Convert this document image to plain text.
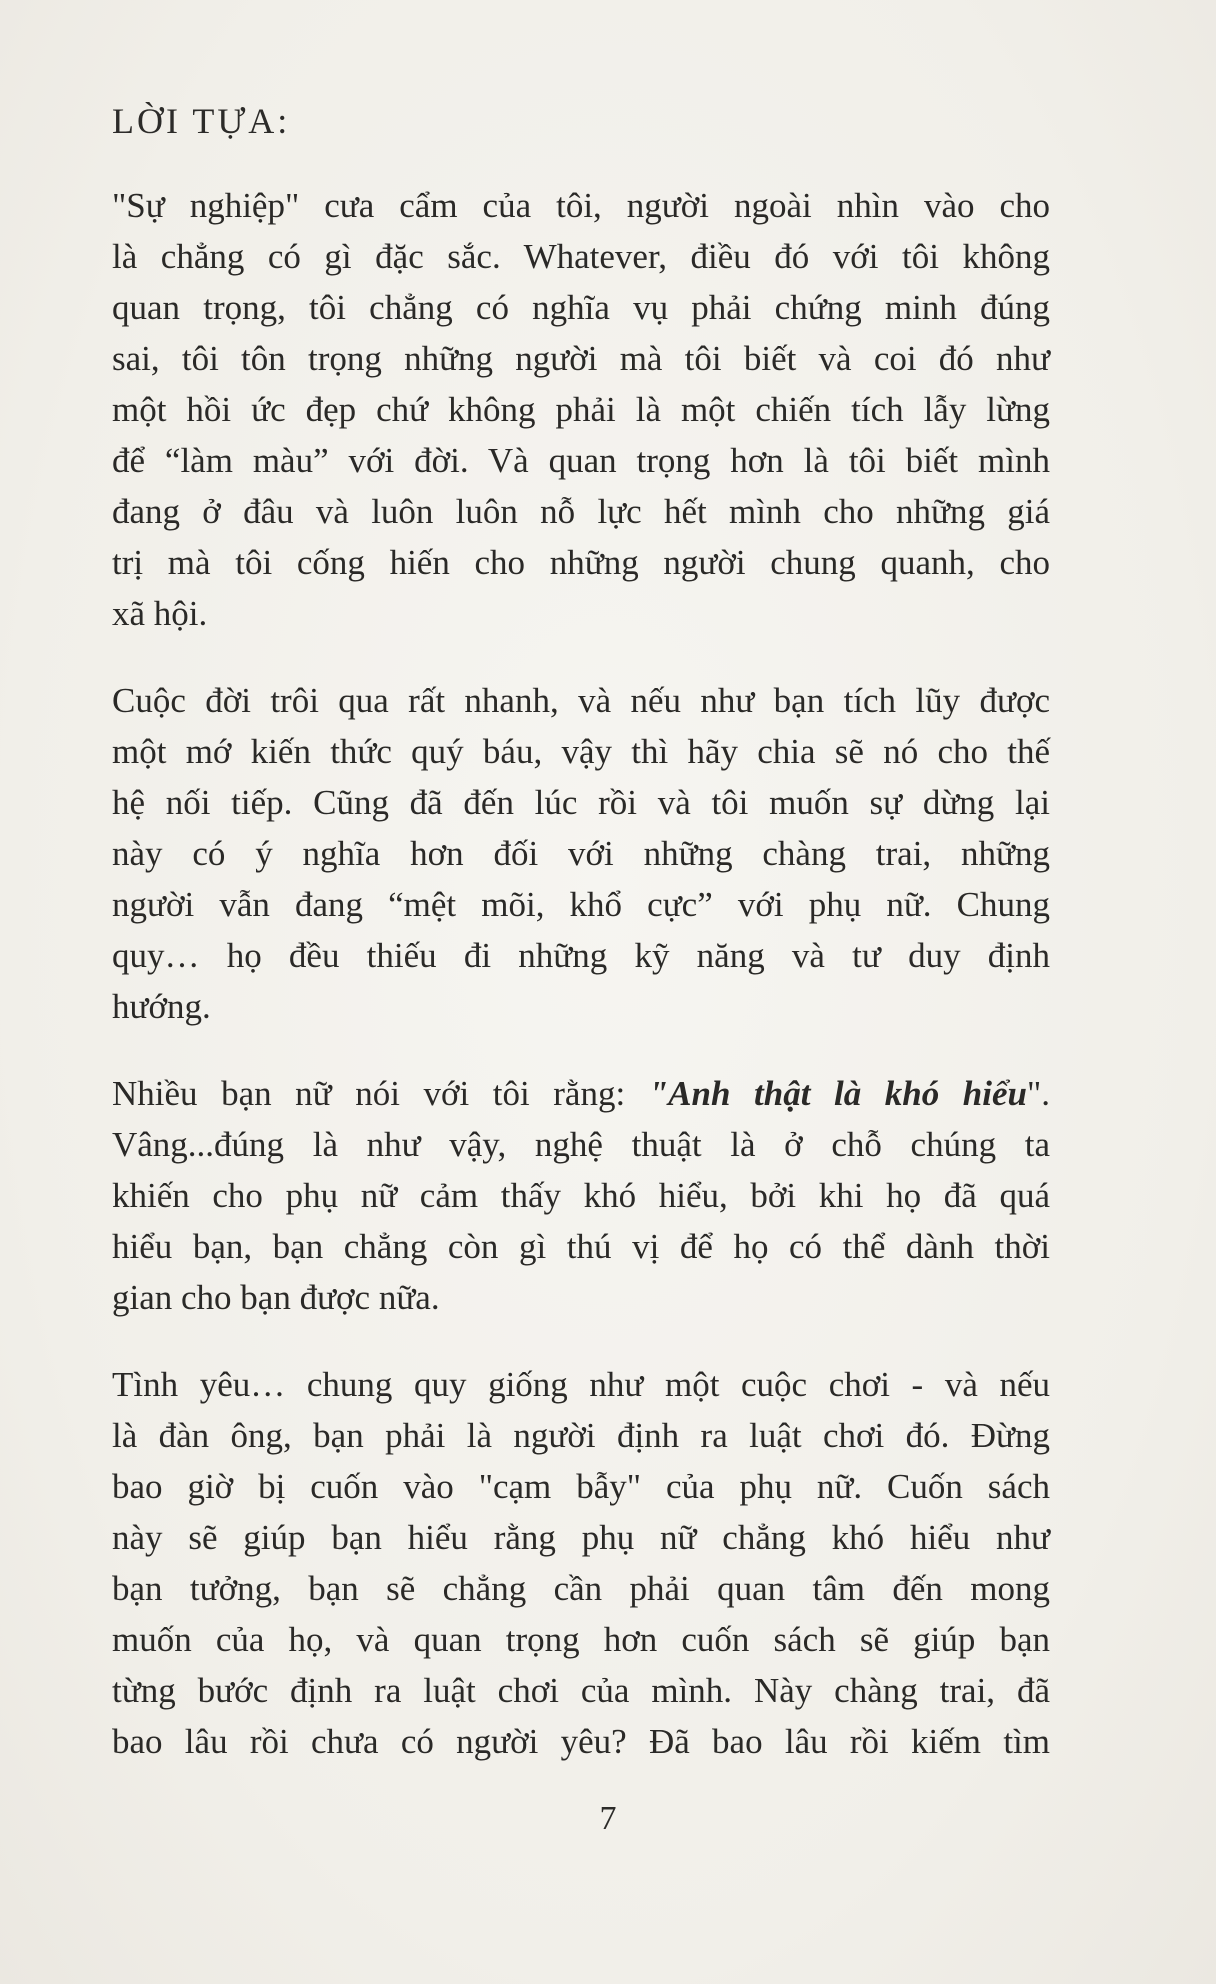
LỜI TỰA:

"Sự nghiệp" cưa cẩm của tôi, người ngoài nhìn vào cho
là chẳng có gì đặc sắc. Whatever, điều đó với tôi không
quan trọng, tôi chẳng có nghĩa vụ phải chứng minh đúng
sai, tôi tôn trọng những người mà tôi biết và coi đó như
một hồi ức đẹp chứ không phải là một chiến tích lẫy lừng
để “làm màu” với đời. Và quan trọng hơn là tôi biết mình
đang ở đâu và luôn luôn nỗ lực hết mình cho những giá
trị mà tôi cống hiến cho những người chung quanh, cho
xã hội.

Cuộc đời trôi qua rất nhanh, và nếu như bạn tích lũy được
một mớ kiến thức quý báu, vậy thì hãy chia sẽ nó cho thế
hệ nối tiếp. Cũng đã đến lúc rồi và tôi muốn sự dừng lại
này có ý nghĩa hơn đối với những chàng trai, những
người vẫn đang “mệt mõi, khổ cực” với phụ nữ. Chung
quy… họ đều thiếu đi những kỹ năng và tư duy định
hướng.

Nhiều bạn nữ nói với tôi rằng: "Anh thật là khó hiểu".
Vâng...đúng là như vậy, nghệ thuật là ở chỗ chúng ta
khiến cho phụ nữ cảm thấy khó hiểu, bởi khi họ đã quá
hiểu bạn, bạn chẳng còn gì thú vị để họ có thể dành thời
gian cho bạn được nữa.

Tình yêu… chung quy giống như một cuộc chơi - và nếu
là đàn ông, bạn phải là người định ra luật chơi đó. Đừng
bao giờ bị cuốn vào "cạm bẫy" của phụ nữ. Cuốn sách
này sẽ giúp bạn hiểu rằng phụ nữ chẳng khó hiểu như
bạn tưởng, bạn sẽ chẳng cần phải quan tâm đến mong
muốn của họ, và quan trọng hơn cuốn sách sẽ giúp bạn
từng bước định ra luật chơi của mình. Này chàng trai, đã
bao lâu rồi chưa có người yêu? Đã bao lâu rồi kiếm tìm

7
